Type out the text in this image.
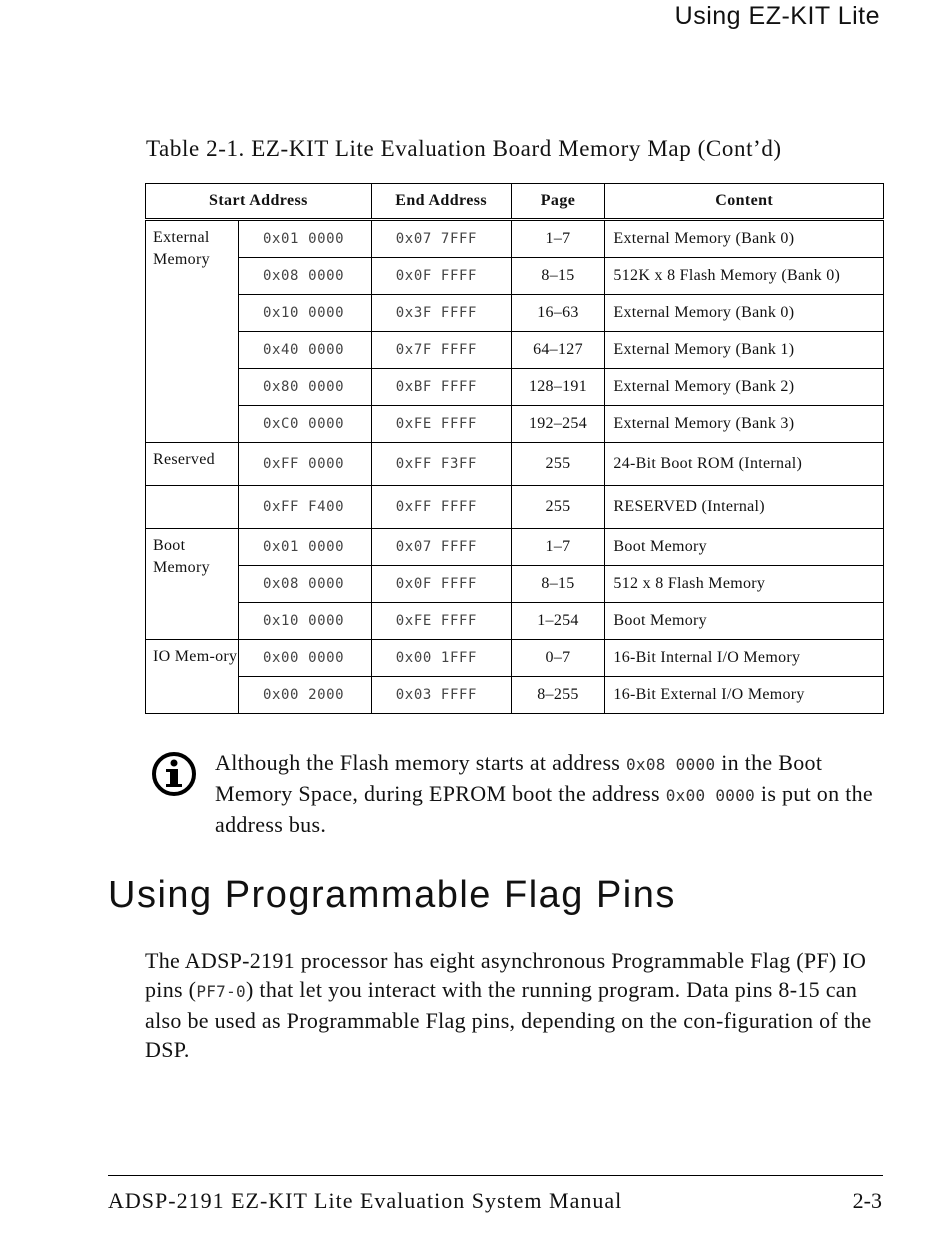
Using EZ-KIT Lite
Table 2-1. EZ-KIT Lite Evaluation Board Memory Map (Cont’d)
Start Address		End Address	Page	Content
External Memory	0x01 0000	0x07 7FFF	1–7	External Memory (Bank 0)
	0x08 0000	0x0F FFFF	8–15	512K x 8 Flash Memory (Bank 0)
	0x10 0000	0x3F FFFF	16–63	External Memory (Bank 0)
	0x40 0000	0x7F FFFF	64–127	External Memory (Bank 1)
	0x80 0000	0xBF FFFF	128–191	External Memory (Bank 2)
	0xC0 0000	0xFE FFFF	192–254	External Memory (Bank 3)
Reserved	0xFF 0000	0xFF F3FF	255	24-Bit Boot ROM (Internal)
	0xFF F400	0xFF FFFF	255	RESERVED (Internal)
Boot Memory	0x01 0000	0x07 FFFF	1–7	Boot Memory
	0x08 0000	0x0F FFFF	8–15	512 x 8 Flash Memory
	0x10 0000	0xFE FFFF	1–254	Boot Memory
IO Mem-ory	0x00 0000	0x00 1FFF	0–7	16-Bit Internal I/O Memory
	0x00 2000	0x03 FFFF	8–255	16-Bit External I/O Memory
Although the Flash memory starts at address 0x08 0000 in the Boot Memory Space, during EPROM boot the address 0x00 0000 is put on the address bus.
Using Programmable Flag Pins
The ADSP-2191 processor has eight asynchronous Programmable Flag (PF) IO pins (PF7-0) that let you interact with the running program. Data pins 8-15 can also be used as Programmable Flag pins, depending on the con-figuration of the DSP.
ADSP-2191 EZ-KIT Lite Evaluation System Manual	2-3
